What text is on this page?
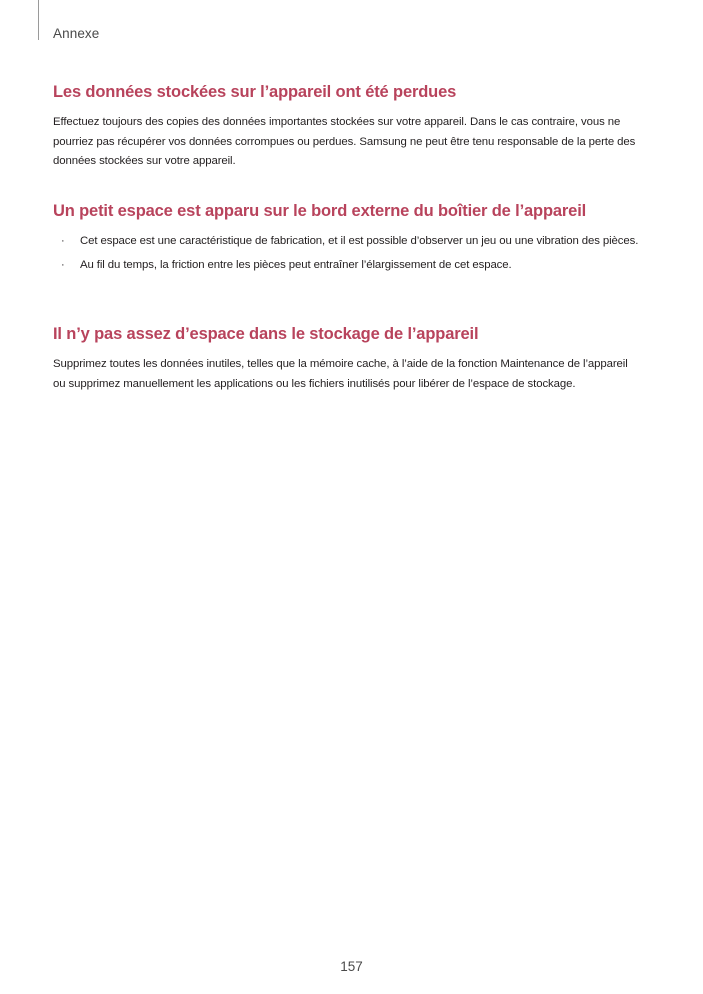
Annexe
Les données stockées sur l’appareil ont été perdues

Effectuez toujours des copies des données importantes stockées sur votre appareil. Dans le cas contraire, vous ne pourriez pas récupérer vos données corrompues ou perdues. Samsung ne peut être tenu responsable de la perte des données stockées sur votre appareil.

Un petit espace est apparu sur le bord externe du boîtier de l’appareil
· Cet espace est une caractéristique de fabrication, et il est possible d’observer un jeu ou une vibration des pièces.
· Au fil du temps, la friction entre les pièces peut entraîner l’élargissement de cet espace.
Il n’y pas assez d’espace dans le stockage de l’appareil

Supprimez toutes les données inutiles, telles que la mémoire cache, à l’aide de la fonction Maintenance de l’appareil ou supprimez manuellement les applications ou les fichiers inutilisés pour libérer de l’espace de stockage.

157
